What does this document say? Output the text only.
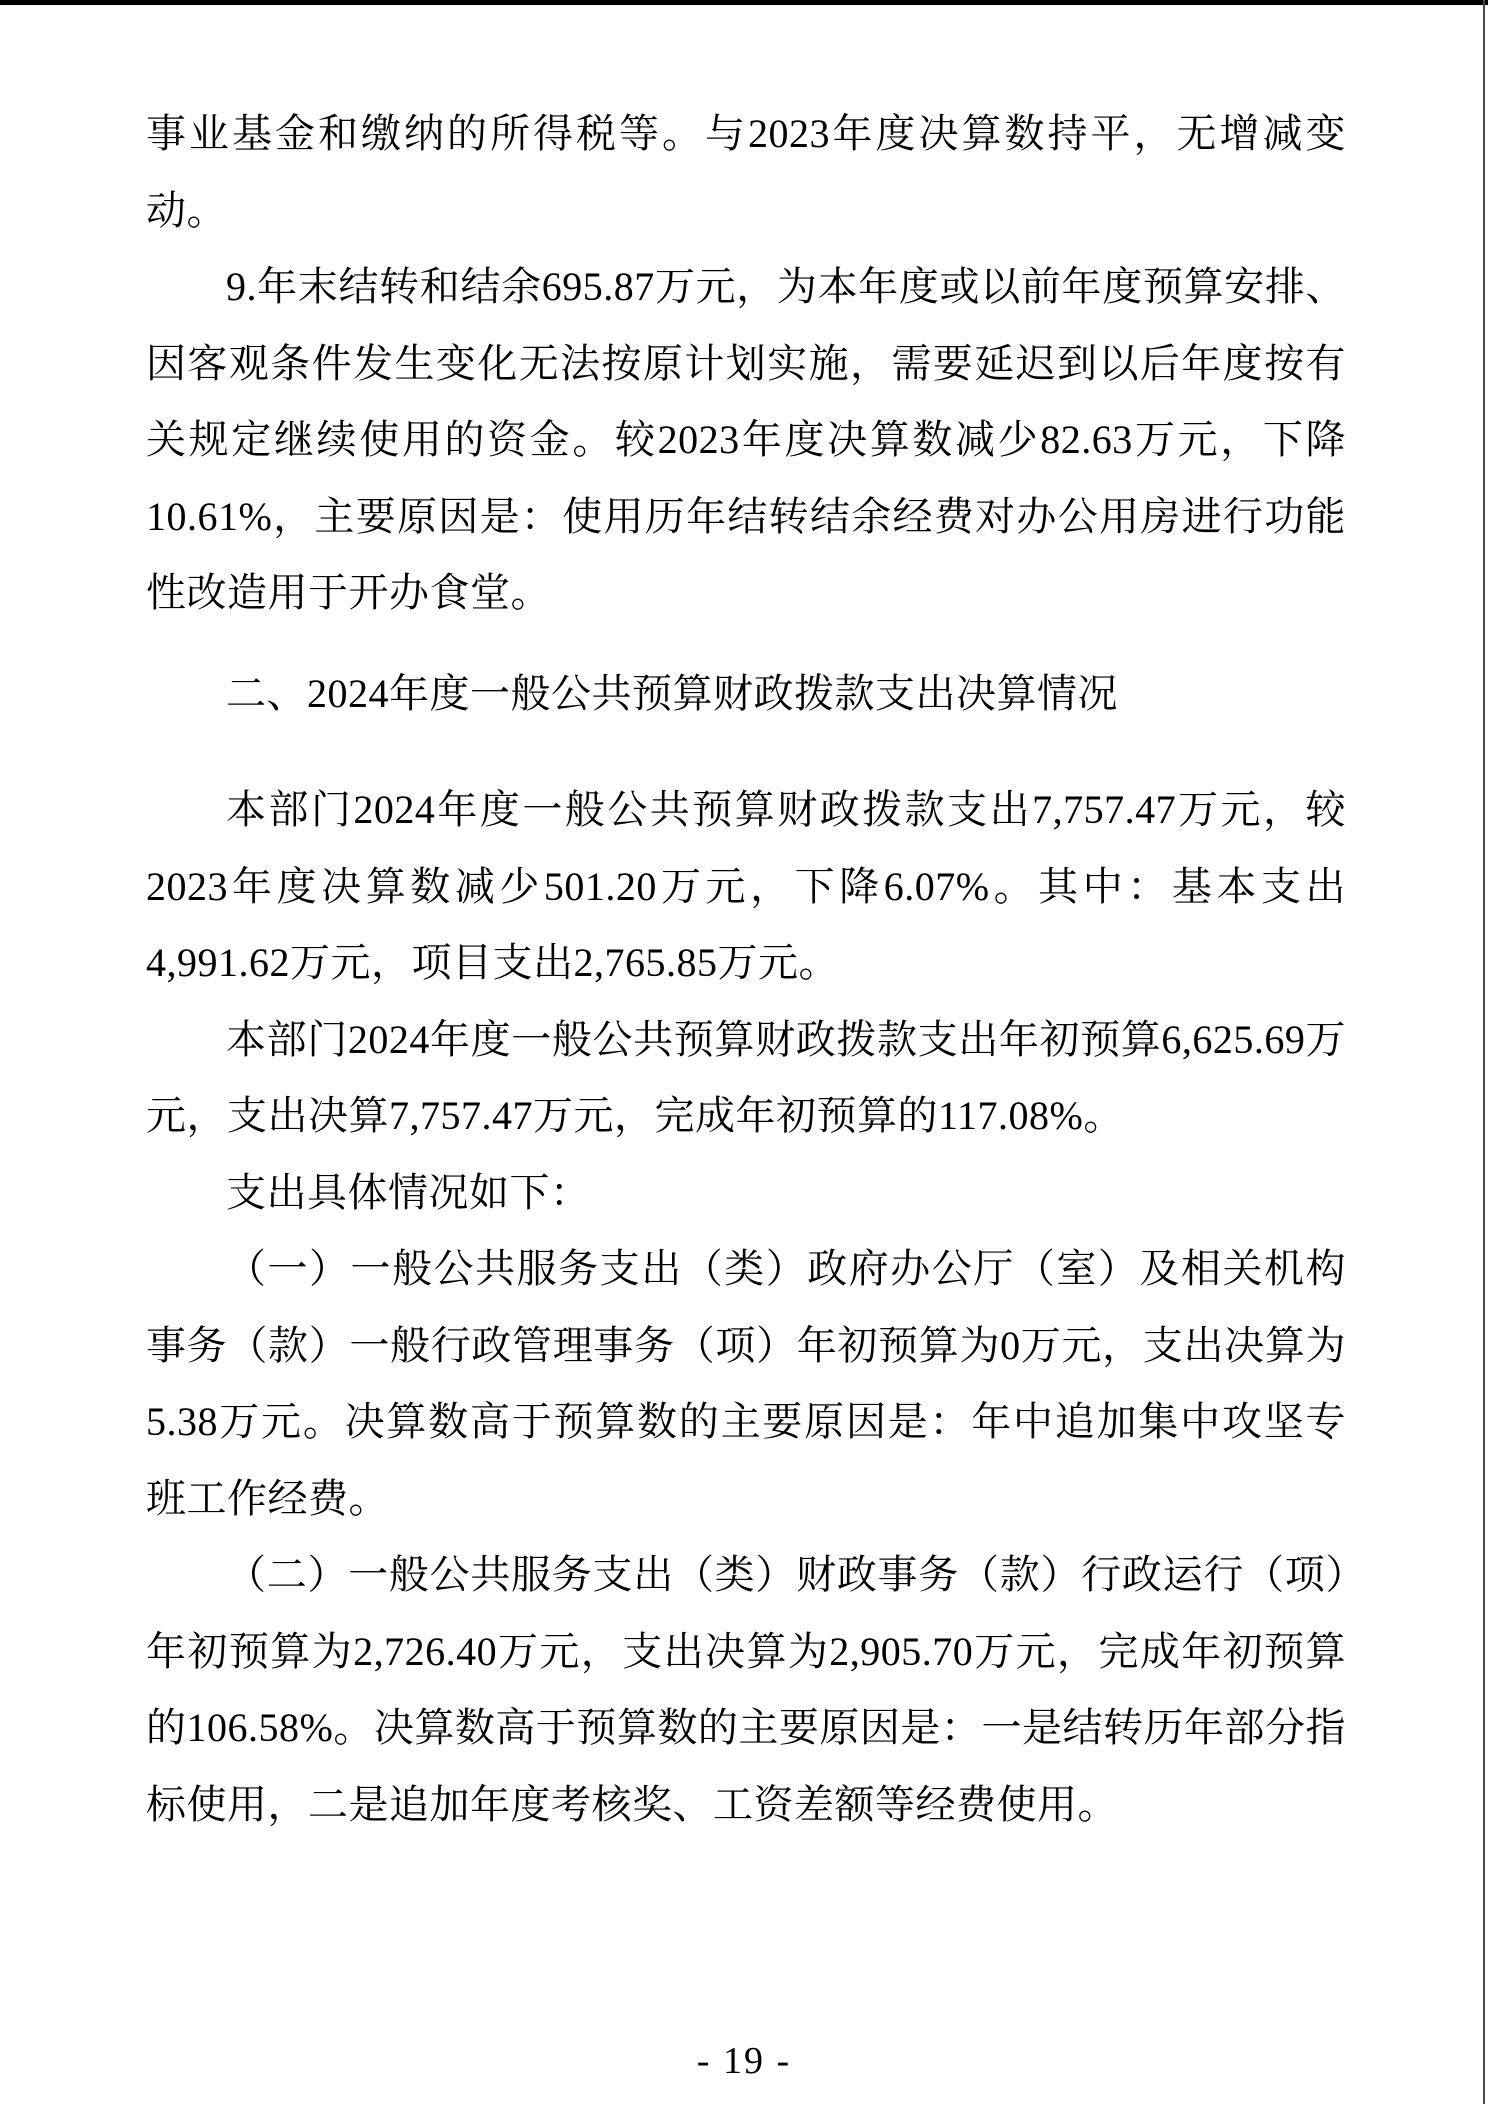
事业基金和缴纳的所得税等。与2023年度决算数持平，无增减变动。

9.年末结转和结余695.87万元，为本年度或以前年度预算安排、因客观条件发生变化无法按原计划实施，需要延迟到以后年度按有关规定继续使用的资金。较2023年度决算数减少82.63万元，下降10.61%，主要原因是：使用历年结转结余经费对办公用房进行功能性改造用于开办食堂。

二、2024年度一般公共预算财政拨款支出决算情况

本部门2024年度一般公共预算财政拨款支出7,757.47万元，较2023年度决算数减少501.20万元，下降6.07%。其中：基本支出4,991.62万元，项目支出2,765.85万元。

本部门2024年度一般公共预算财政拨款支出年初预算6,625.69万元，支出决算7,757.47万元，完成年初预算的117.08%。

支出具体情况如下：

（一）一般公共服务支出（类）政府办公厅（室）及相关机构事务（款）一般行政管理事务（项）年初预算为0万元，支出决算为5.38万元。决算数高于预算数的主要原因是：年中追加集中攻坚专班工作经费。

（二）一般公共服务支出（类）财政事务（款）行政运行（项）年初预算为2,726.40万元，支出决算为2,905.70万元，完成年初预算的106.58%。决算数高于预算数的主要原因是：一是结转历年部分指标使用，二是追加年度考核奖、工资差额等经费使用。

- 19 -
